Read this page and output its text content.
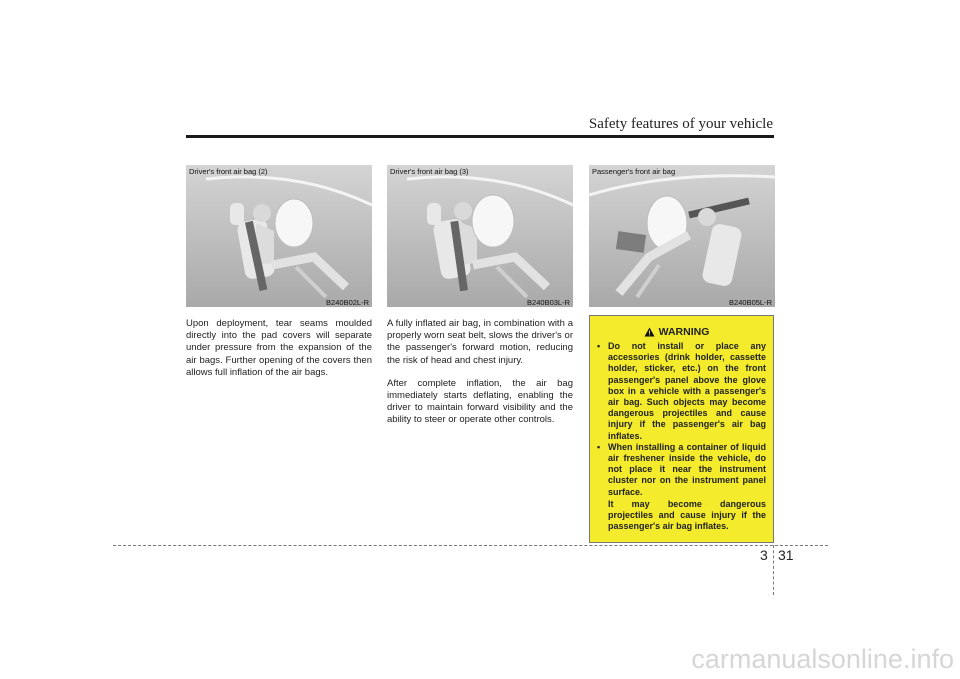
Safety features of your vehicle
Driver's front air bag (2)
B240B02L-R
Driver's front air bag (3)
B240B03L-R
Passenger's front air bag
B240B05L-R

Upon deployment, tear seams moulded directly into the pad covers will separate under pressure from the expansion of the air bags. Further opening of the covers then allows full inflation of the air bags.

A fully inflated air bag, in combination with a properly worn seat belt, slows the driver's or the passenger's forward motion, reducing the risk of head and chest injury.

After complete inflation, the air bag immediately starts deflating, enabling the driver to maintain forward visibility and the ability to steer or operate other controls.

WARNING
• Do not install or place any accessories (drink holder, cassette holder, sticker, etc.) on the front passenger's panel above the glove box in a vehicle with a passenger's air bag. Such objects may become dangerous projectiles and cause injury if the passenger's air bag inflates.
• When installing a container of liquid air freshener inside the vehicle, do not place it near the instrument cluster nor on the instrument panel surface.
It may become dangerous projectiles and cause injury if the passenger's air bag inflates.
3 31
carmanualsonline.info
